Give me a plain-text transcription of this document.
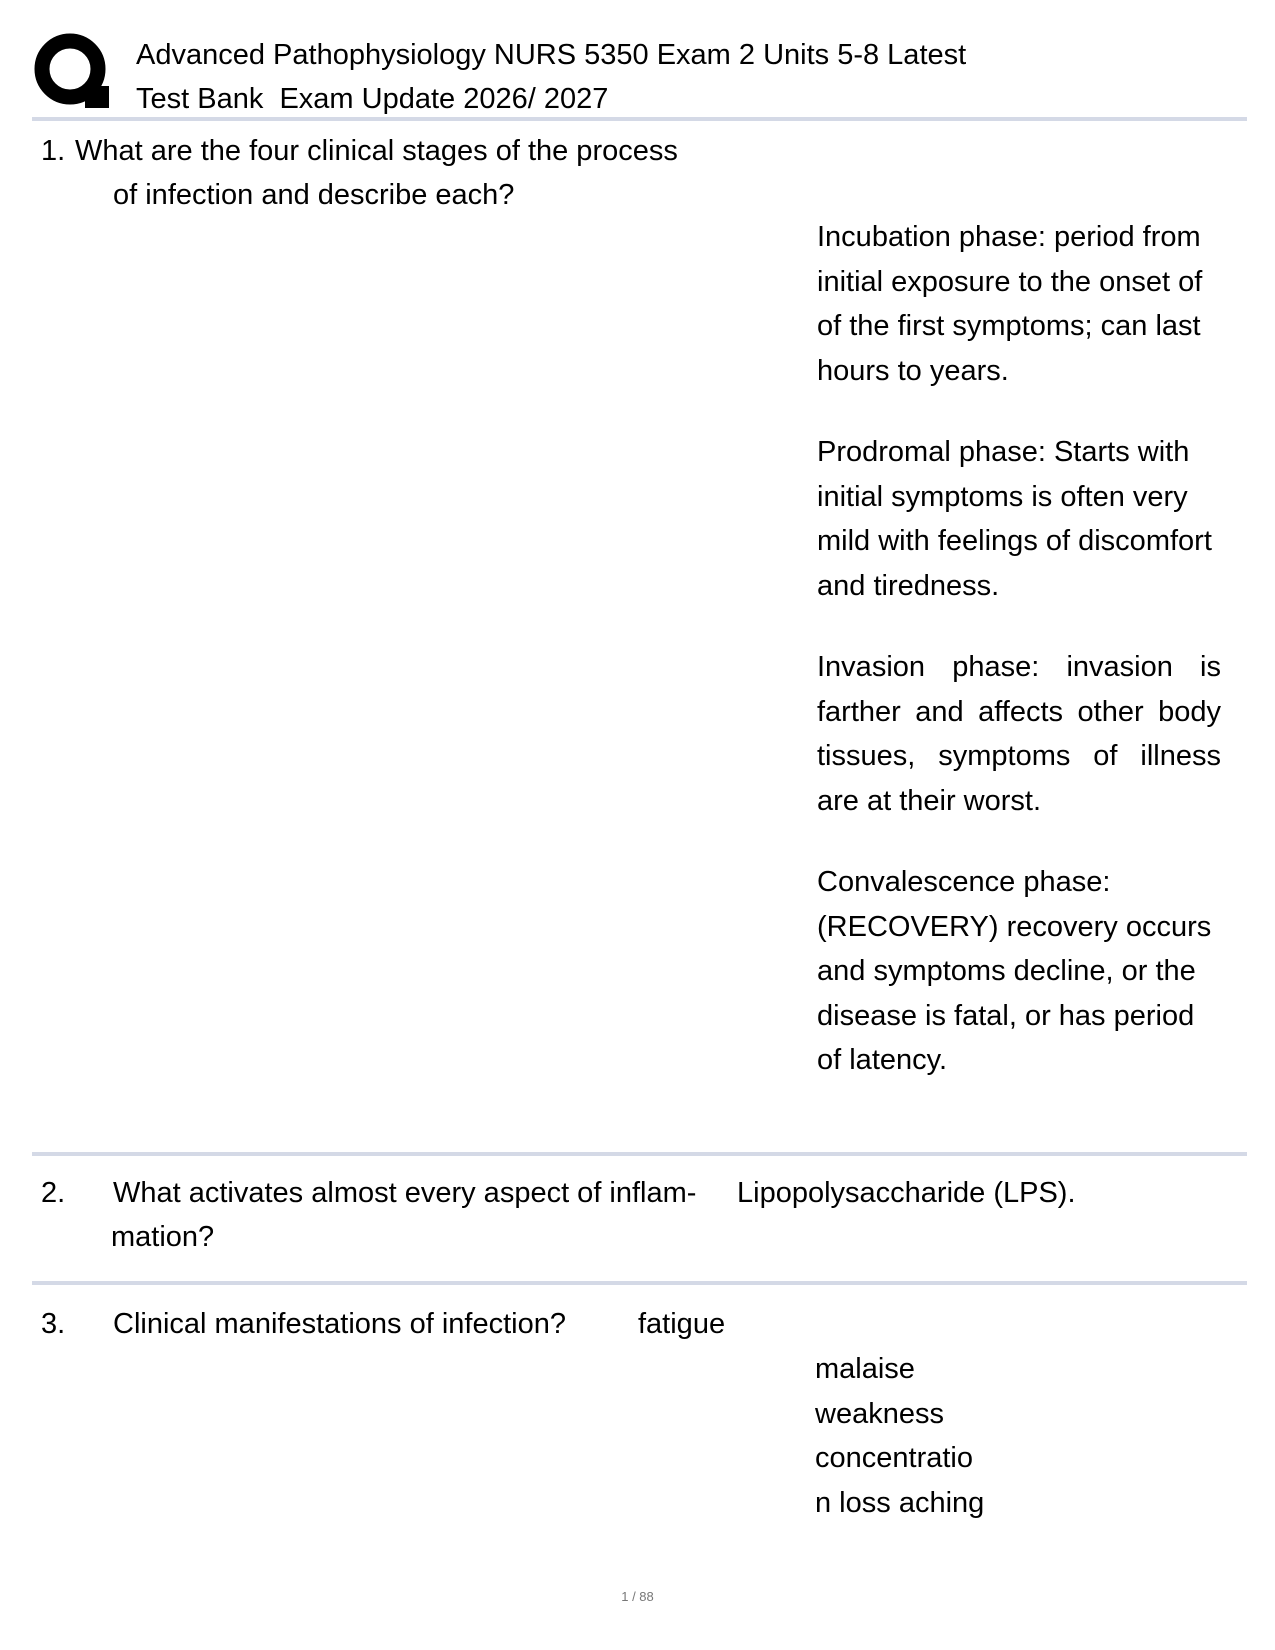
Advanced Pathophysiology NURS 5350 Exam 2 Units 5-8 Latest
Test Bank  Exam Update 2026/ 2027
1. What are the four clinical stages of the process
of infection and describe each?

Incubation phase: period from initial exposure to the onset of of the first symptoms; can last hours to years.

Prodromal phase: Starts with initial symptoms is often very mild with feelings of discomfort and tiredness.

Invasion phase: invasion is farther and affects other body tissues, symptoms of illness are at their worst.

Convalescence phase: (RECOVERY) recovery occurs and symptoms decline, or the disease is fatal, or has period of latency.

2. What activates almost every aspect of inflam-
mation?
Lipopolysaccharide (LPS).
3. Clinical manifestations of infection? fatigue
malaise
weakness
concentratio
n loss aching
1 / 88
